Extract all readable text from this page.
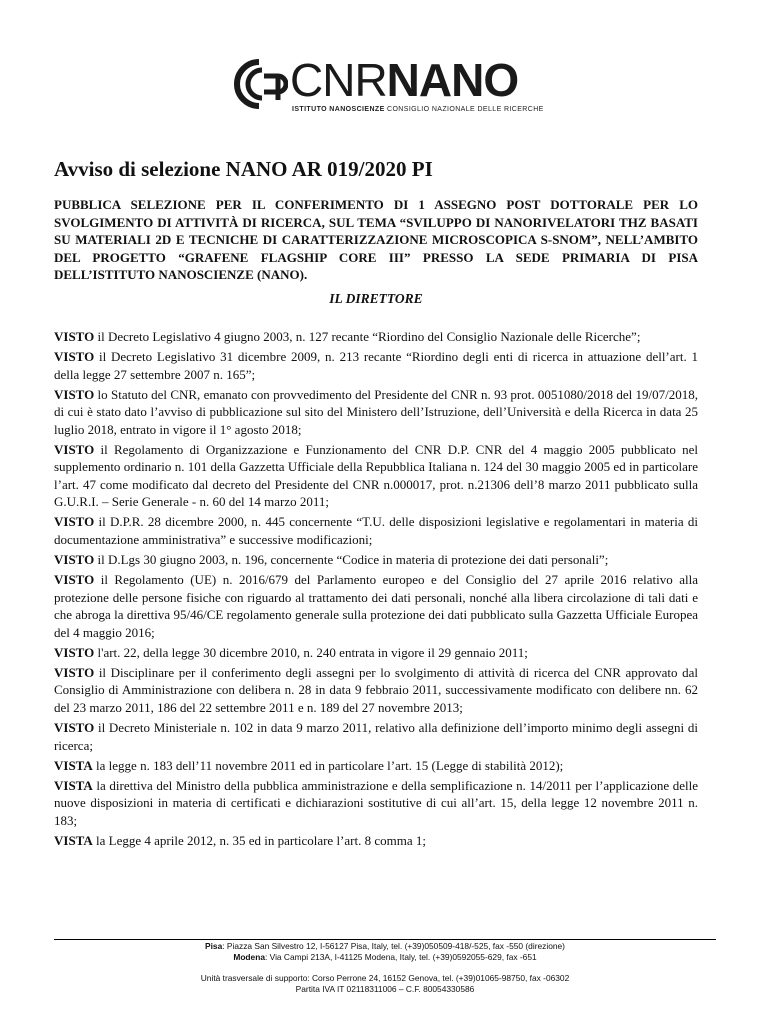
CNRNANO
ISTITUTO NANOSCIENZE CONSIGLIO NAZIONALE DELLE RICERCHE
Avviso di selezione NANO AR 019/2020 PI

PUBBLICA SELEZIONE PER IL CONFERIMENTO DI 1 ASSEGNO POST DOTTORALE PER LO SVOLGIMENTO DI ATTIVITÀ DI RICERCA, SUL TEMA “SVILUPPO DI NANORIVELATORI THZ BASATI SU MATERIALI 2D E TECNICHE DI CARATTERIZZAZIONE MICROSCOPICA S-SNOM”, NELL’AMBITO DEL PROGETTO “GRAFENE FLAGSHIP CORE III” PRESSO LA SEDE PRIMARIA DI PISA DELL’ISTITUTO NANOSCIENZE (NANO).

IL DIRETTORE

VISTO il Decreto Legislativo 4 giugno 2003, n. 127 recante “Riordino del Consiglio Nazionale delle Ricerche”;

VISTO il Decreto Legislativo 31 dicembre 2009, n. 213 recante “Riordino degli enti di ricerca in attuazione dell’art. 1 della legge 27 settembre 2007 n. 165”;

VISTO lo Statuto del CNR, emanato con provvedimento del Presidente del CNR n. 93 prot. 0051080/2018 del 19/07/2018, di cui è stato dato l’avviso di pubblicazione sul sito del Ministero dell’Istruzione, dell’Università e della Ricerca in data 25 luglio 2018, entrato in vigore il 1° agosto 2018;

VISTO il Regolamento di Organizzazione e Funzionamento del CNR D.P. CNR del 4 maggio 2005 pubblicato nel supplemento ordinario n. 101 della Gazzetta Ufficiale della Repubblica Italiana n. 124 del 30 maggio 2005 ed in particolare l’art. 47 come modificato dal decreto del Presidente del CNR n.000017, prot. n.21306 dell’8 marzo 2011 pubblicato sulla G.U.R.I. – Serie Generale - n. 60 del 14 marzo 2011;

VISTO il D.P.R. 28 dicembre 2000, n. 445 concernente “T.U. delle disposizioni legislative e regolamentari in materia di documentazione amministrativa” e successive modificazioni;

VISTO il D.Lgs 30 giugno 2003, n. 196, concernente “Codice in materia di protezione dei dati personali”;

VISTO il Regolamento (UE) n. 2016/679 del Parlamento europeo e del Consiglio del 27 aprile 2016 relativo alla protezione delle persone fisiche con riguardo al trattamento dei dati personali, nonché alla libera circolazione di tali dati e che abroga la direttiva 95/46/CE regolamento generale sulla protezione dei dati pubblicato sulla Gazzetta Ufficiale Europea del 4 maggio 2016;

VISTO l'art. 22, della legge 30 dicembre 2010, n. 240 entrata in vigore il 29 gennaio 2011;

VISTO il Disciplinare per il conferimento degli assegni per lo svolgimento di attività di ricerca del CNR approvato dal Consiglio di Amministrazione con delibera n. 28 in data 9 febbraio 2011, successivamente modificato con delibere nn. 62 del 23 marzo 2011, 186 del 22 settembre 2011 e n. 189 del 27 novembre 2013;

VISTO il Decreto Ministeriale n. 102 in data 9 marzo 2011, relativo alla definizione dell’importo minimo degli assegni di ricerca;

VISTA la legge n. 183 dell’11 novembre 2011 ed in particolare l’art. 15 (Legge di stabilità 2012);

VISTA la direttiva del Ministro della pubblica amministrazione e della semplificazione n. 14/2011 per l’applicazione delle nuove disposizioni in materia di certificati e dichiarazioni sostitutive di cui all’art. 15, della legge 12 novembre 2011 n. 183;

VISTA la Legge 4 aprile 2012, n. 35 ed in particolare l’art. 8 comma 1;

Pisa: Piazza San Silvestro 12, I-56127 Pisa, Italy, tel. (+39)050509-418/-525, fax -550 (direzione)

Modena: Via Campi 213A, I-41125 Modena, Italy, tel. (+39)0592055-629, fax -651

Unità trasversale di supporto: Corso Perrone 24, 16152 Genova, tel. (+39)01065-98750, fax -06302

Partita IVA IT 02118311006 – C.F. 80054330586
